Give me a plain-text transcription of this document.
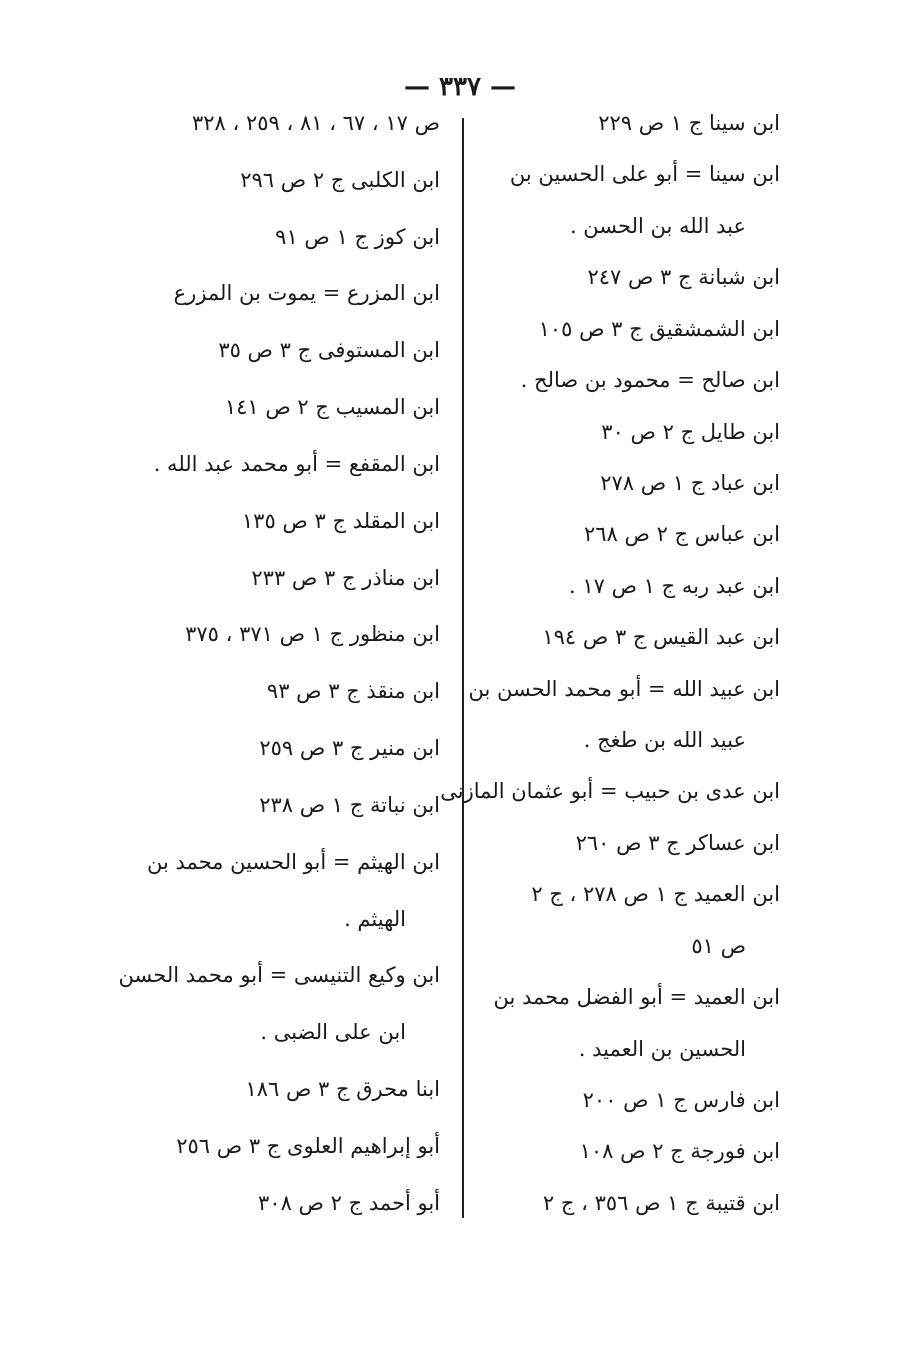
— ٣٣٧ —
ابن سينا ج ١ ص ٢٢٩
ابن سينا = أبو على الحسين بن
عبد الله بن الحسن .
ابن شبانة ج ٣ ص ٢٤٧
ابن الشمشقيق ج ٣ ص ١٠٥
ابن صالح = محمود بن صالح .
ابن طايل ج ٢ ص ٣٠
ابن عباد ج ١ ص ٢٧٨
ابن عباس ج ٢ ص ٢٦٨
ابن عبد ربه ج ١ ص ١٧ .
ابن عبد القيس ج ٣ ص ١٩٤
ابن عبيد الله = أبو محمد الحسن بن
عبيد الله بن طغج .
ابن عدى بن حبيب = أبو عثمان المازنى
ابن عساكر ج ٣ ص ٢٦٠
ابن العميد ج ١ ص ٢٧٨ ، ج ٢
ص ٥١
ابن العميد = أبو الفضل محمد بن
الحسين بن العميد .
ابن فارس ج ١ ص ٢٠٠
ابن فورجة ج ٢ ص ١٠٨
ابن قتيبة ج ١ ص ٣٥٦ ، ج ٢
ص ١٧ ، ٦٧ ، ٨١ ، ٢٥٩ ، ٣٢٨
ابن الكلبى ج ٢ ص ٢٩٦
ابن كوز ج ١ ص ٩١
ابن المزرع = يموت بن المزرع
ابن المستوفى ج ٣ ص ٣٥
ابن المسيب ج ٢ ص ١٤١
ابن المقفع = أبو محمد عبد الله .
ابن المقلد ج ٣ ص ١٣٥
ابن مناذر ج ٣ ص ٢٣٣
ابن منظور ج ١ ص ٣٧١ ، ٣٧٥
ابن منقذ ج ٣ ص ٩٣
ابن منير ج ٣ ص ٢٥٩
ابن نباتة ج ١ ص ٢٣٨
ابن الهيثم = أبو الحسين محمد بن
الهيثم .
ابن وكيع التنيسى = أبو محمد الحسن
ابن على الضبى .
ابنا محرق ج ٣ ص ١٨٦
أبو إبراهيم العلوى ج ٣ ص ٢٥٦
أبو أحمد ج ٢ ص ٣٠٨
